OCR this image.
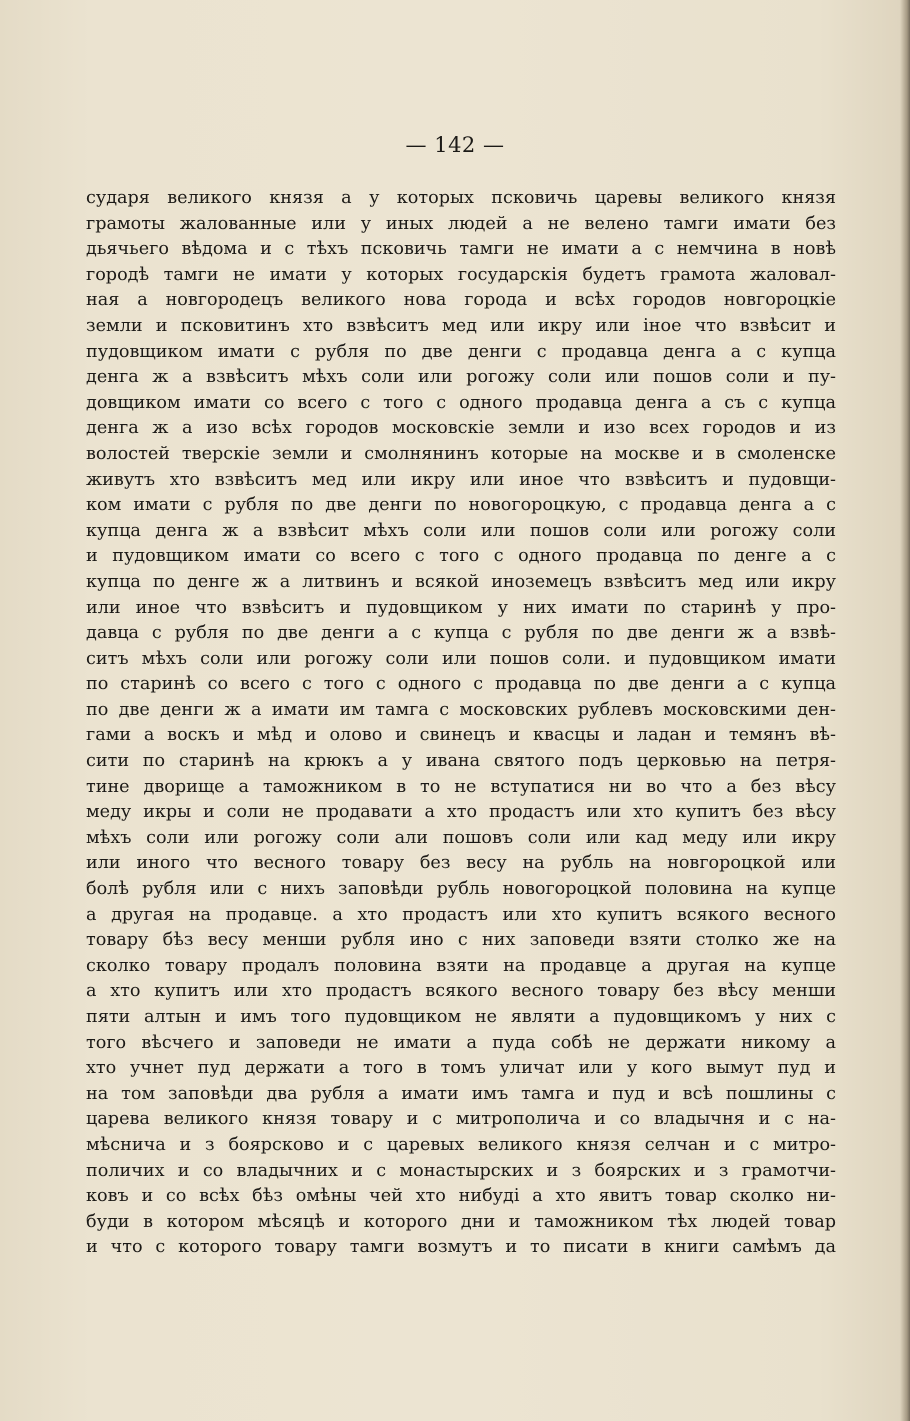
— 142 —
сударя великого князя а у которых псковичь царевы великого князя
грамоты жалованные или у иных людей а не велено тамги имати без
дьячьего вѣдома и с тѣхъ псковичь тамги не имати а с немчина в новѣ
городѣ тамги не имати у которых государскiя будетъ грамота жаловал-
ная а новгородецъ великого нова города и всѣх городов новгороцкiе
земли и псковитинъ хто взвѣситъ мед или икру или iное что взвѣсит и
пудовщиком имати с рубля по две денги с продавца денга а с купца
денга ж а взвѣситъ мѣхъ соли или рогожу соли или пошов соли и пу-
довщиком имати со всего с того с одного продавца денга а съ с купца
денга ж а изо всѣх городов московскiе земли и изо всех городов и из
волостей тверскiе земли и смолнянинъ которые на москве и в смоленске
живутъ хто взвѣситъ мед или икру или иное что взвѣситъ и пудовщи-
ком имати с рубля по две денги по новогороцкую, с продавца денга а с
купца денга ж а взвѣсит мѣхъ соли или пошов соли или рогожу соли
и пудовщиком имати со всего с того с одного продавца по денге а с
купца по денге ж а литвинъ и всякой иноземецъ взвѣситъ мед или икру
или иное что взвѣситъ и пудовщиком у них имати по старинѣ у про-
давца с рубля по две денги а с купца с рубля по две денги ж а взвѣ-
ситъ мѣхъ соли или рогожу соли или пошов соли. и пудовщиком имати
по старинѣ со всего с того с одного с продавца по две денги а с купца
по две денги ж а имати им тамга с московских рублевъ московскими ден-
гами а воскъ и мѣд и олово и свинецъ и квасцы и ладан и темянъ вѣ-
сити по старинѣ на крюкъ а у ивана святого подъ церковью на петря-
тине дворище а таможником в то не вступатися ни во что а без вѣсу
меду икры и соли не продавати а хто продастъ или хто купитъ без вѣсу
мѣхъ соли или рогожу соли али пошовъ соли или кад меду или икру
или иного что весного товару без весу на рубль на новгороцкой или
болѣ рубля или с нихъ заповѣди рубль новогороцкой половина на купце
а другая на продавце. а хто продастъ или хто купитъ всякого весного
товару бѣз весу менши рубля ино с них заповеди взяти столко же на
сколко товару продалъ половина взяти на продавце а другая на купце
а хто купитъ или хто продастъ всякого весного товару без вѣсу менши
пяти алтын и имъ того пудовщиком не являти а пудовщикомъ у них с
того вѣсчего и заповеди не имати а пуда собѣ не держати никому а
хто учнет пуд держати а того в томъ уличат или у кого вымут пуд и
на том заповѣди два рубля а имати имъ тамга и пуд и всѣ пошлины с
царева великого князя товару и с митрополича и со владычня и с на-
мѣснича и з боярсково и с царевых великого князя селчан и с митро-
поличих и со владычних и с монастырских и з боярских и з грамотчи-
ковъ и со всѣх бѣз омѣны чей хто нибуді а хто явитъ товар сколко ни-
буди в котором мѣсяцѣ и которого дни и таможником тѣх людей товар
и что с которого товару тамги возмутъ и то писати в книги самѣмъ да
